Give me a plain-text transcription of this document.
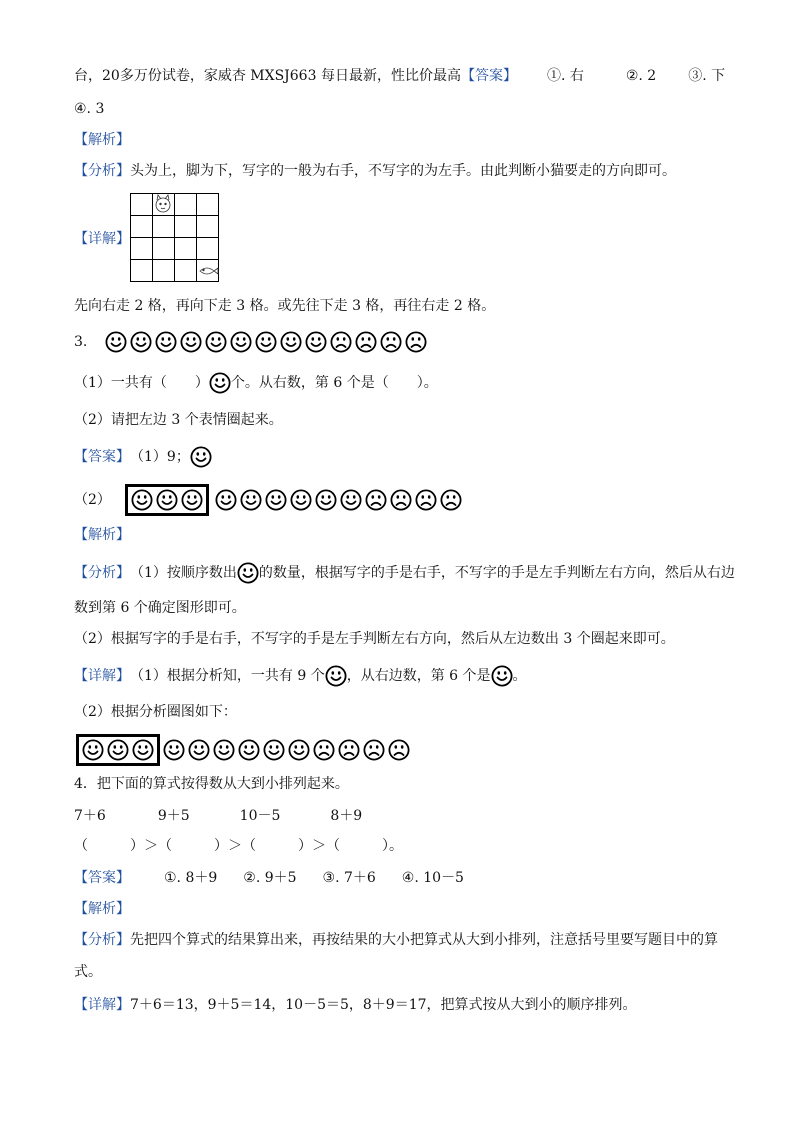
台，20多万份试卷，家威杏 MXSJ663 每日最新，性比价最高 【答案】 ①. 右	②. 2 ③. 下
④. 3
【解析】
【分析】 头为上，脚为下，写字的一般为右手，不写字的为左手。由此判断小猫要走的方向即可。
【详解】
先向右走 2 格，再向下走 3 格。或先往下走 3 格，再往右走 2 格。
3.
（1）一共有（　　） 个。从右数，第 6 个是（　　）。
（2）请把左边 3 个表情圈起来。
【答案】 （1）9；
（2）
【解析】
【分析】 （1）按顺序数出 的数量，根据写字的手是右手，不写字的手是左手判断左右方向，然后从右边
数到第 6 个确定图形即可。
（2）根据写字的手是右手，不写字的手是左手判断左右方向，然后从左边数出 3 个圈起来即可。
【详解】 （1）根据分析知，一共有 9 个 ，从右边数，第 6 个是 。
（2）根据分析圈图如下：
4．把下面的算式按得数从大到小排列起来。
7＋6	9＋5	10－5	8＋9
（　　　）＞（　　　）＞（　　　）＞（　　　）。
【答案】 ①. 8＋9 ②. 9＋5 ③. 7＋6 ④. 10－5
【解析】
【分析】 先把四个算式的结果算出来，再按结果的大小把算式从大到小排列，注意括号里要写题目中的算
式。
【详解】 7＋6＝13，9＋5＝14，10－5＝5，8＋9＝17，把算式按从大到小的顺序排列。
